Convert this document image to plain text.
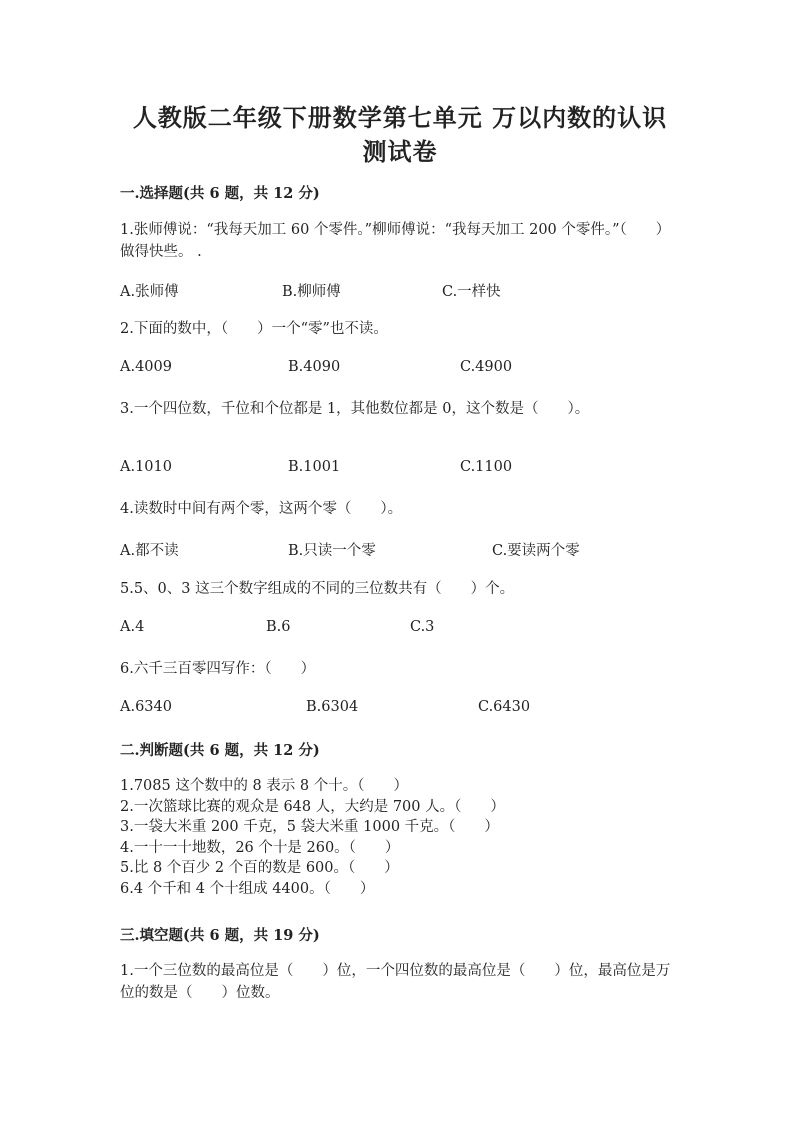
人教版二年级下册数学第七单元 万以内数的认识
测试卷
一.选择题(共 6 题，共 12 分)

1.张师傅说：“我每天加工 60 个零件。”柳师傅说：“我每天加工 200 个零件。”（　　）做得快些。 .

A.张师傅	B.柳师傅	C.一样快

2.下面的数中，（　　）一个“零”也不读。

A.4009	B.4090	C.4900

3.一个四位数，千位和个位都是 1，其他数位都是 0，这个数是（　　）。

A.1010	B.1001	C.1100

4.读数时中间有两个零，这两个零（　　）。

A.都不读	B.只读一个零	C.要读两个零

5.5、0、3 这三个数字组成的不同的三位数共有（　　）个。

A.4	B.6	C.3

6.六千三百零四写作：（　　）

A.6340	B.6304	C.6430
二.判断题(共 6 题，共 12 分)
1.7085 这个数中的 8 表示 8 个十。（　　）
2.一次篮球比赛的观众是 648 人，大约是 700 人。（　　）
3.一袋大米重 200 千克，5 袋大米重 1000 千克。（　　）
4.一十一十地数，26 个十是 260。（　　）
5.比 8 个百少 2 个百的数是 600。（　　）
6.4 个千和 4 个十组成 4400。（　　）
三.填空题(共 6 题，共 19 分)

1.一个三位数的最高位是（　　）位，一个四位数的最高位是（　　）位，最高位是万位的数是（　　）位数。
